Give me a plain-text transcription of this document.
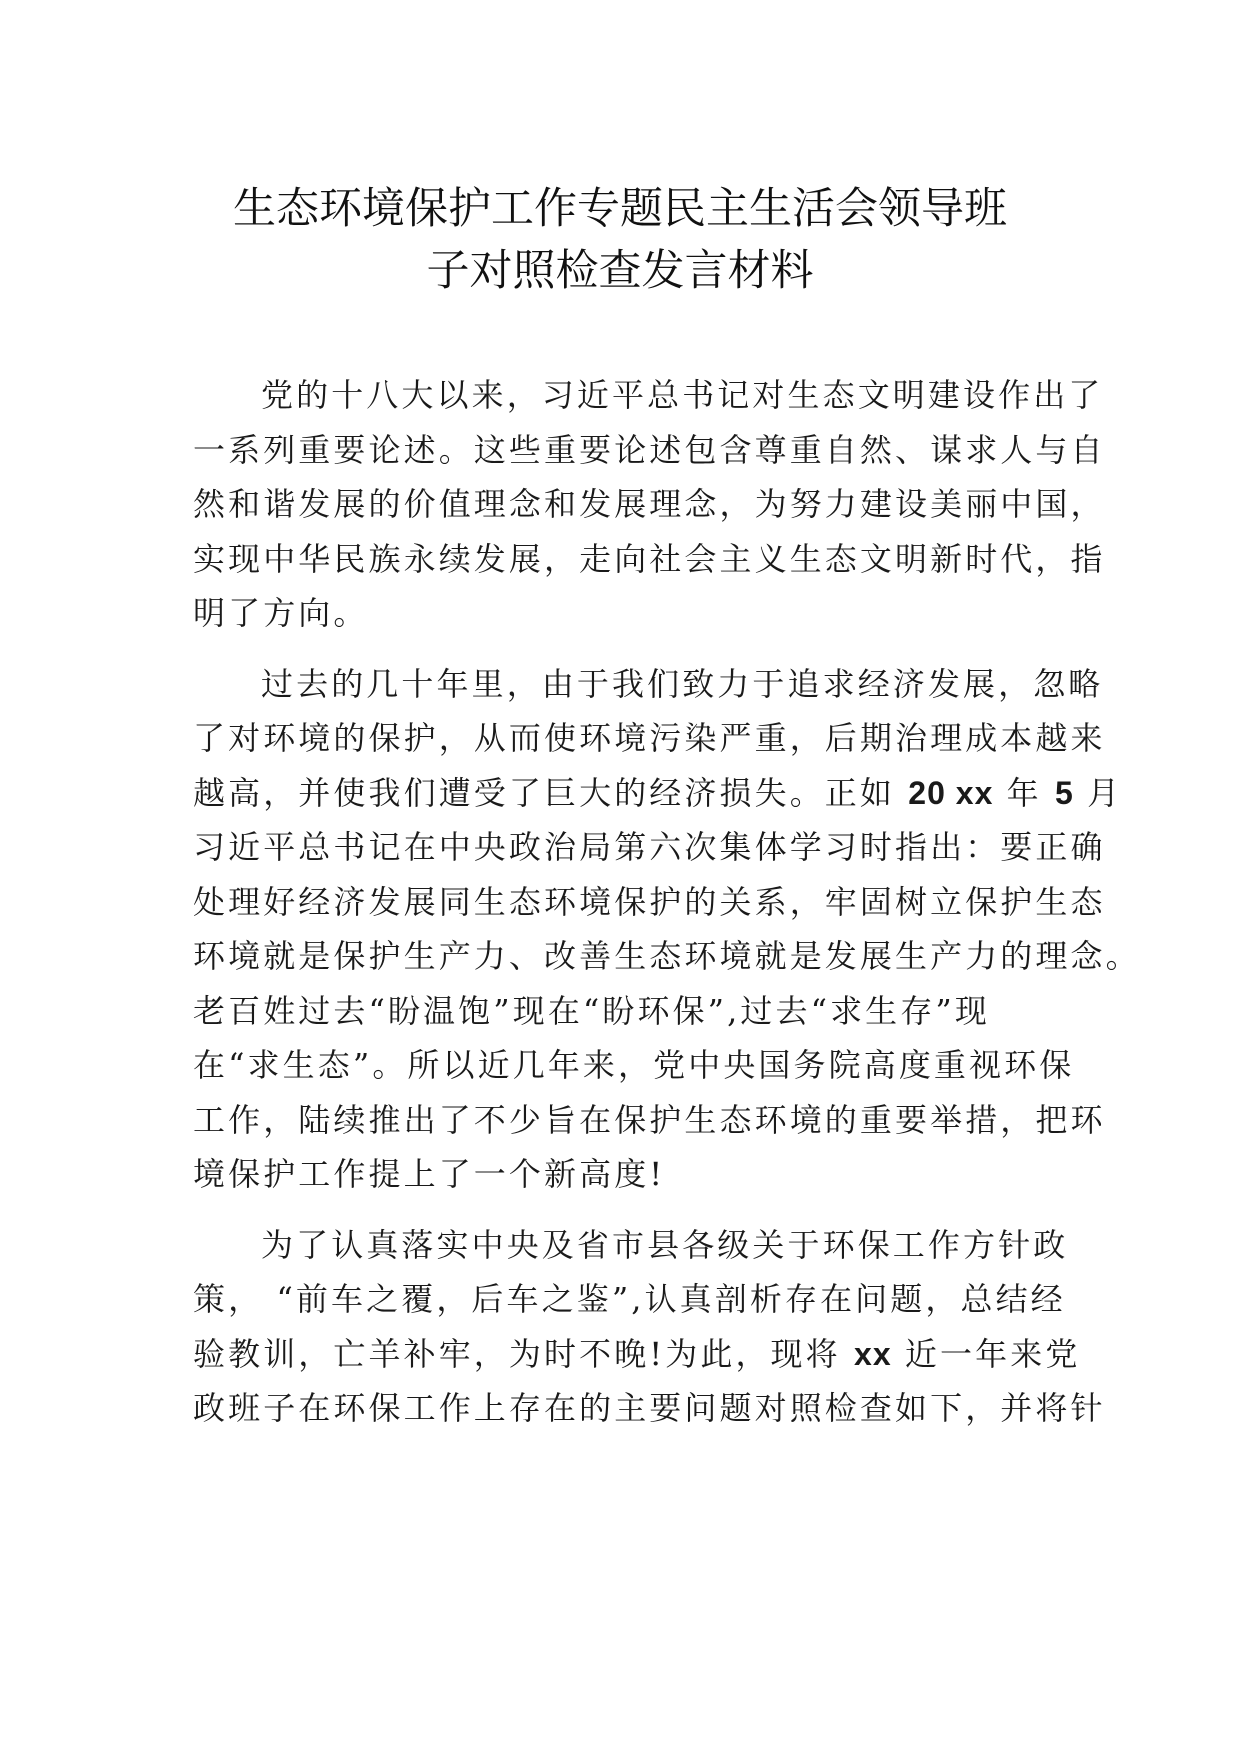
生态环境保护工作专题民主生活会领导班
子对照检查发言材料

党的十八大以来，习近平总书记对生态文明建设作出了
一系列重要论述。这些重要论述包含尊重自然、谋求人与自
然和谐发展的价值理念和发展理念，为努力建设美丽中国，
实现中华民族永续发展，走向社会主义生态文明新时代，指
明了方向。

过去的几十年里，由于我们致力于追求经济发展，忽略
了对环境的保护，从而使环境污染严重，后期治理成本越来
越高，并使我们遭受了巨大的经济损失。正如 20 xx 年 5 月
习近平总书记在中央政治局第六次集体学习时指出：要正确
处理好经济发展同生态环境保护的关系，牢固树立保护生态
环境就是保护生产力、改善生态环境就是发展生产力的理念。
老百姓过去“盼温饱”现在“盼环保”,过去“求生存”现
在“求生态”。所以近几年来，党中央国务院高度重视环保
工作，陆续推出了不少旨在保护生态环境的重要举措，把环
境保护工作提上了一个新高度!

为了认真落实中央及省市县各级关于环保工作方针政
策， “前车之覆，后车之鉴”,认真剖析存在问题，总结经
验教训，亡羊补牢，为时不晚!为此，现将 xx 近一年来党
政班子在环保工作上存在的主要问题对照检查如下，并将针
